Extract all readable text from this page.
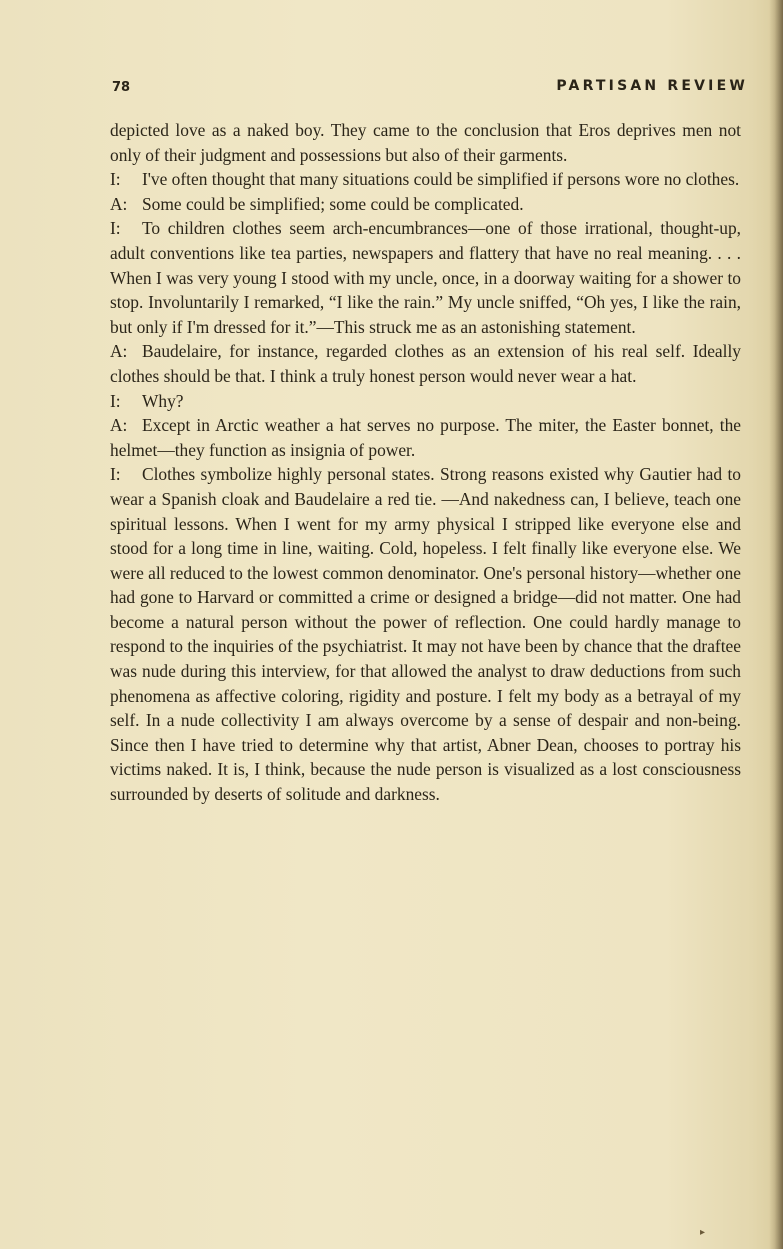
78	PARTISAN REVIEW

depicted love as a naked boy. They came to the conclusion that Eros deprives men not only of their judgment and possessions but also of their garments.

I: I've often thought that many situations could be simplified if persons wore no clothes.

A: Some could be simplified; some could be complicated.

I: To children clothes seem arch-encumbrances—one of those irrational, thought-up, adult conventions like tea parties, newspapers and flattery that have no real meaning. . . . When I was very young I stood with my uncle, once, in a doorway waiting for a shower to stop. Involuntarily I remarked, “I like the rain.” My uncle sniffed, “Oh yes, I like the rain, but only if I'm dressed for it.”—This struck me as an astonishing statement.

A: Baudelaire, for instance, regarded clothes as an extension of his real self. Ideally clothes should be that. I think a truly honest person would never wear a hat.

I: Why?

A: Except in Arctic weather a hat serves no purpose. The miter, the Easter bonnet, the helmet—they function as insignia of power.

I: Clothes symbolize highly personal states. Strong reasons existed why Gautier had to wear a Spanish cloak and Baudelaire a red tie. —And nakedness can, I believe, teach one spiritual lessons. When I went for my army physical I stripped like everyone else and stood for a long time in line, waiting. Cold, hopeless. I felt finally like everyone else. We were all reduced to the lowest common denominator. One's personal history—whether one had gone to Harvard or committed a crime or designed a bridge—did not matter. One had become a natural person without the power of reflection. One could hardly manage to respond to the inquiries of the psychiatrist. It may not have been by chance that the draftee was nude during this interview, for that allowed the analyst to draw deductions from such phenomena as affective coloring, rigidity and posture. I felt my body as a betrayal of my self. In a nude collectivity I am always overcome by a sense of despair and non-being. Since then I have tried to determine why that artist, Abner Dean, chooses to portray his victims naked. It is, I think, because the nude person is visualized as a lost consciousness surrounded by deserts of solitude and darkness.

▸
